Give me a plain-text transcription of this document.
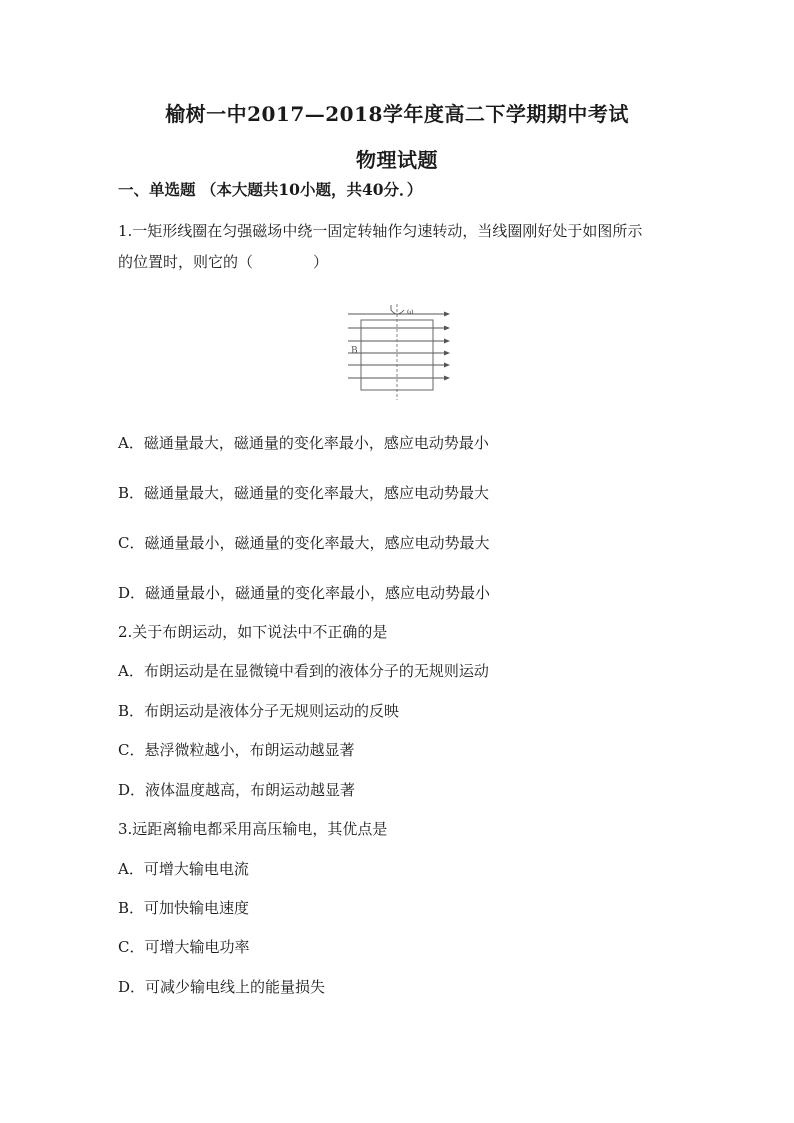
榆树一中2017—2018学年度高二下学期期中考试
物理试题
一、单选题 （本大题共10小题，共40分．）
1.一矩形线圈在匀强磁场中绕一固定转轴作匀速转动，当线圈刚好处于如图所示
的位置时，则它的（　　　　）
ω
B
A．磁通量最大，磁通量的变化率最小，感应电动势最小
B．磁通量最大，磁通量的变化率最大，感应电动势最大
C．磁通量最小，磁通量的变化率最大，感应电动势最大
D．磁通量最小，磁通量的变化率最小，感应电动势最小
2.关于布朗运动，如下说法中不正确的是
A．布朗运动是在显微镜中看到的液体分子的无规则运动
B．布朗运动是液体分子无规则运动的反映
C．悬浮微粒越小，布朗运动越显著
D．液体温度越高，布朗运动越显著
3.远距离输电都采用高压输电，其优点是
A．可增大输电电流
B．可加快输电速度
C．可增大输电功率
D．可减少输电线上的能量损失
